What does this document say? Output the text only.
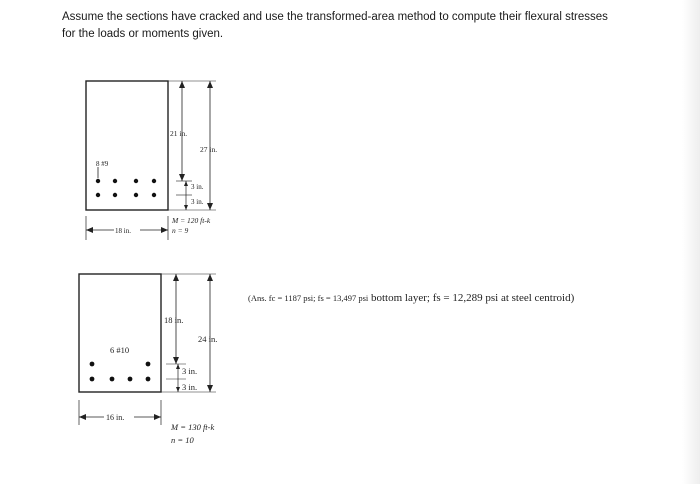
Assume the sections have cracked and use the transformed-area method to compute their flexural stresses for the loads or moments given.
8 #9
21 in.
27 in.
3 in.
3 in.
M = 120 ft-k
n = 9
18 in.
6 #10
18 in.
24 in.
3 in.
3 in.
M = 130 ft-k
n = 10
16 in.
(Ans. fc = 1187 psi; fs = 13,497 psi bottom layer; fs = 12,289 psi at steel centroid)
